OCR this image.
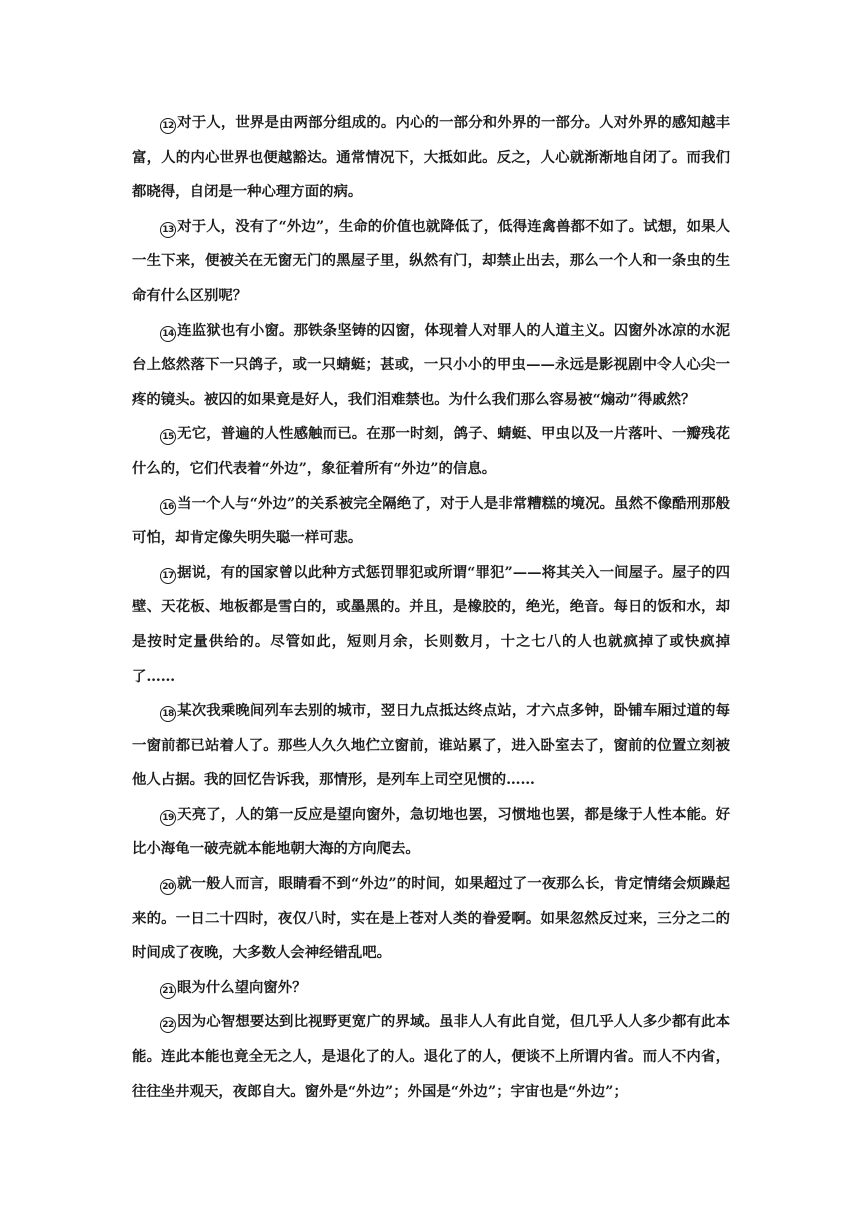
12 对于人，世界是由两部分组成的。内心的一部分和外界的一部分。人对外界的感知越丰富，人的内心世界也便越豁达。通常情况下，大抵如此。反之，人心就渐渐地自闭了。而我们都晓得，自闭是一种心理方面的病。

13 对于人，没有了“外边”，生命的价值也就降低了，低得连禽兽都不如了。试想，如果人一生下来，便被关在无窗无门的黑屋子里，纵然有门，却禁止出去，那么一个人和一条虫的生命有什么区别呢？

14 连监狱也有小窗。那铁条坚铸的囚窗，体现着人对罪人的人道主义。囚窗外冰凉的水泥台上悠然落下一只鸽子，或一只蜻蜓；甚或，一只小小的甲虫——永远是影视剧中令人心尖一疼的镜头。被囚的如果竟是好人，我们泪难禁也。为什么我们那么容易被“煽动”得戚然？

15 无它，普遍的人性感触而已。在那一时刻，鸽子、蜻蜓、甲虫以及一片落叶、一瓣残花什么的，它们代表着“外边”，象征着所有“外边”的信息。

16 当一个人与“外边”的关系被完全隔绝了，对于人是非常糟糕的境况。虽然不像酷刑那般可怕，却肯定像失明失聪一样可悲。

17 据说，有的国家曾以此种方式惩罚罪犯或所谓“罪犯”——将其关入一间屋子。屋子的四壁、天花板、地板都是雪白的，或墨黑的。并且，是橡胶的，绝光，绝音。每日的饭和水，却是按时定量供给的。尽管如此，短则月余，长则数月，十之七八的人也就疯掉了或快疯掉了……

18 某次我乘晚间列车去别的城市，翌日九点抵达终点站，才六点多钟，卧铺车厢过道的每一窗前都已站着人了。那些人久久地伫立窗前，谁站累了，进入卧室去了，窗前的位置立刻被他人占据。我的回忆告诉我，那情形，是列车上司空见惯的……

19 天亮了，人的第一反应是望向窗外，急切地也罢，习惯地也罢，都是缘于人性本能。好比小海龟一破壳就本能地朝大海的方向爬去。

20 就一般人而言，眼睛看不到“外边”的时间，如果超过了一夜那么长，肯定情绪会烦躁起来的。一日二十四时，夜仅八时，实在是上苍对人类的眷爱啊。如果忽然反过来，三分之二的时间成了夜晚，大多数人会神经错乱吧。

21 眼为什么望向窗外？

22 因为心智想要达到比视野更宽广的界域。虽非人人有此自觉，但几乎人人多少都有此本能。连此本能也竟全无之人，是退化了的人。退化了的人，便谈不上所谓内省。而人不内省，往往坐井观天，夜郎自大。窗外是“外边”；外国是“外边”；宇宙也是“外边”；
